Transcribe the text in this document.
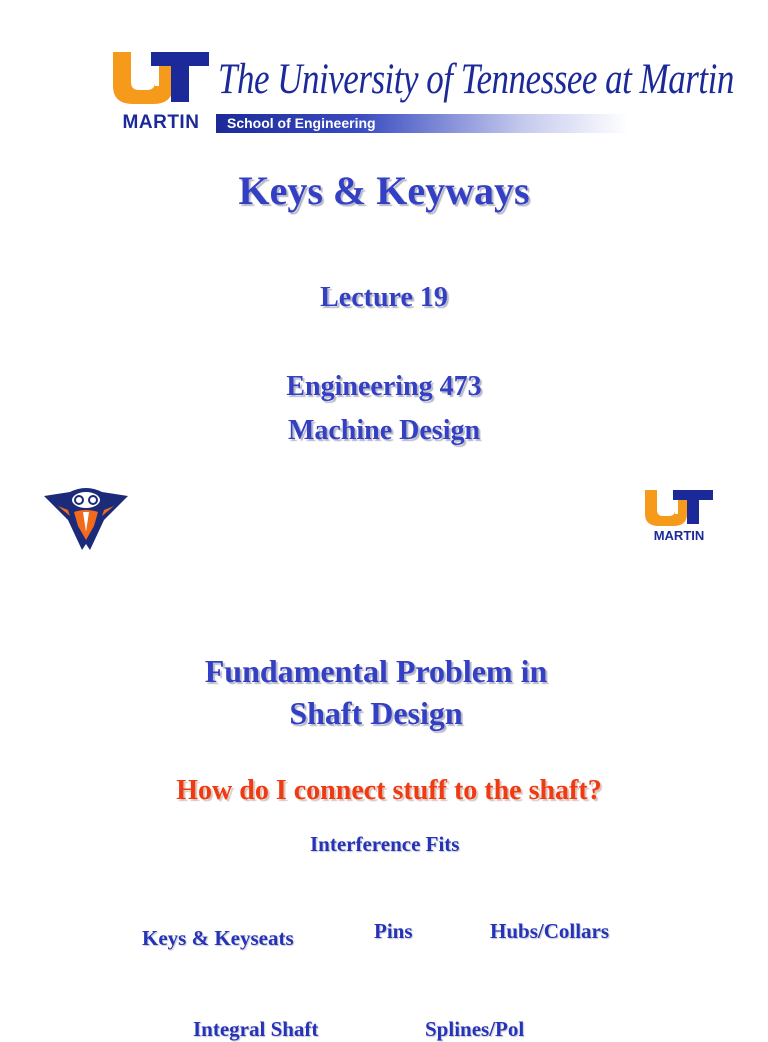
MARTIN
The University of Tennessee at Martin
School of Engineering
Keys & Keyways
Lecture 19
Engineering 473
Machine Design
MARTIN
Fundamental Problem in
Shaft Design
How do I connect stuff to the shaft?
Interference Fits
Keys & Keyseats	Pins	Hubs/Collars
Integral Shaft	Splines/Pol
